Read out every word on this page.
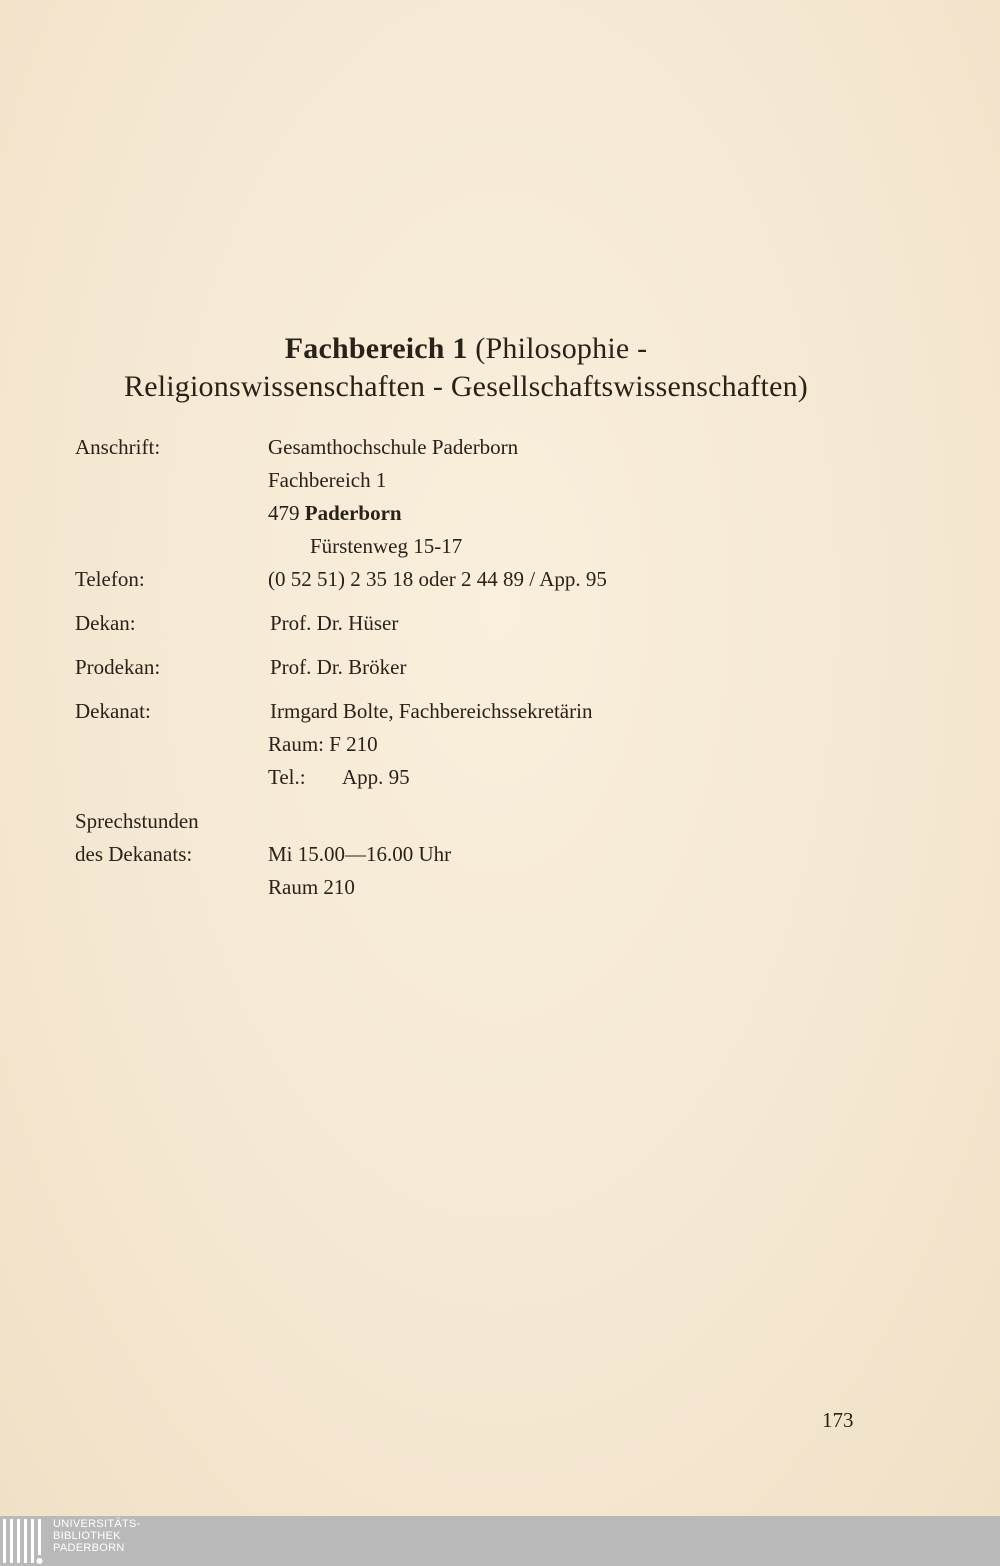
Fachbereich 1 (Philosophie -
Religionswissenschaften - Gesellschaftswissenschaften)
Anschrift:	Gesamthochschule Paderborn
Fachbereich 1
479 Paderborn
Fürstenweg 15-17
Telefon:	(0 52 51) 2 35 18 oder 2 44 89 / App. 95
Dekan:	Prof. Dr. Hüser
Prodekan:	Prof. Dr. Bröker
Dekanat:	Irmgard Bolte, Fachbereichssekretärin
Raum: F 210
Tel.: App. 95
Sprechstunden
des Dekanats:	Mi 15.00—16.00 Uhr
Raum 210
173
UNIVERSITÄTS-
BIBLIOTHEK
PADERBORN
